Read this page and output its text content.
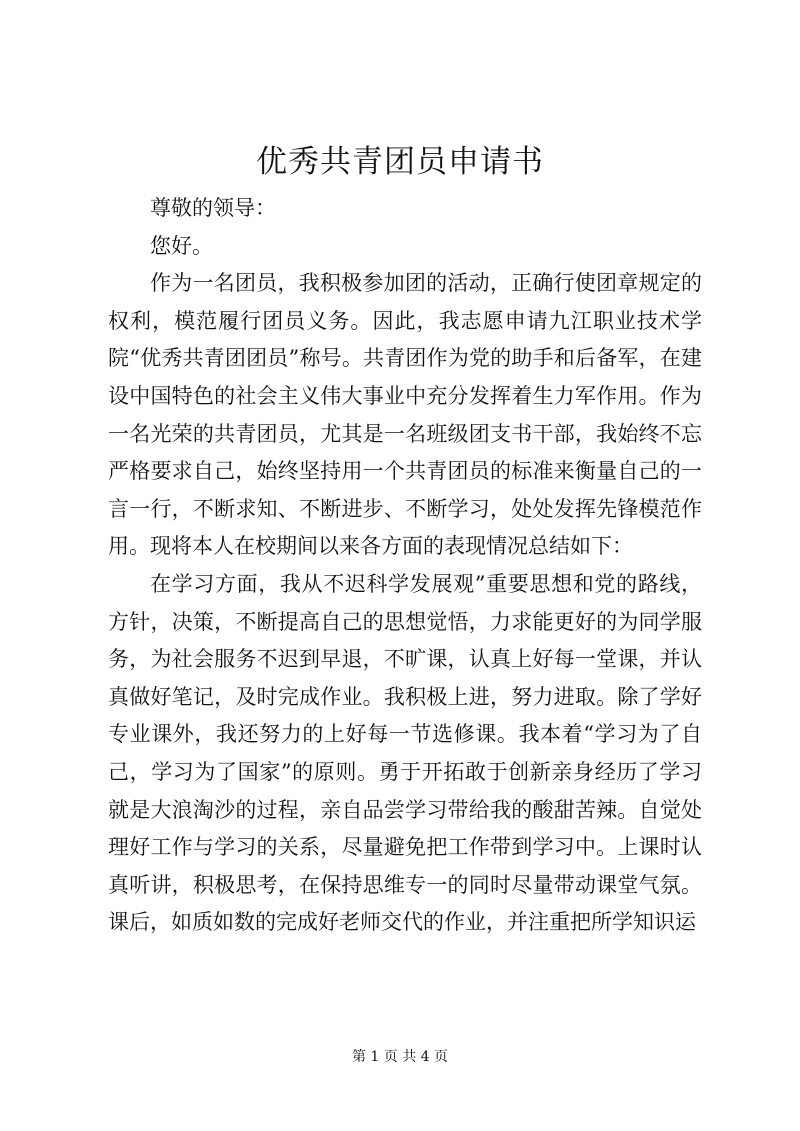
优秀共青团员申请书

尊敬的领导：

您好。

作为一名团员，我积极参加团的活动，正确行使团章规定的权利，模范履行团员义务。因此，我志愿申请九江职业技术学院“优秀共青团团员”称号。共青团作为党的助手和后备军，在建设中国特色的社会主义伟大事业中充分发挥着生力军作用。作为一名光荣的共青团员，尤其是一名班级团支书干部，我始终不忘严格要求自己，始终坚持用一个共青团员的标准来衡量自己的一言一行，不断求知、不断进步、不断学习，处处发挥先锋模范作用。现将本人在校期间以来各方面的表现情况总结如下：

在学习方面，我从不迟科学发展观”重要思想和党的路线，方针，决策，不断提高自己的思想觉悟，力求能更好的为同学服务，为社会服务不迟到早退，不旷课，认真上好每一堂课，并认真做好笔记，及时完成作业。我积极上进，努力进取。除了学好专业课外，我还努力的上好每一节选修课。我本着“学习为了自己，学习为了国家”的原则。勇于开拓敢于创新亲身经历了学习就是大浪淘沙的过程，亲自品尝学习带给我的酸甜苦辣。自觉处理好工作与学习的关系，尽量避免把工作带到学习中。上课时认真听讲，积极思考，在保持思维专一的同时尽量带动课堂气氛。课后，如质如数的完成好老师交代的作业，并注重把所学知识运

第 1 页 共 4 页
